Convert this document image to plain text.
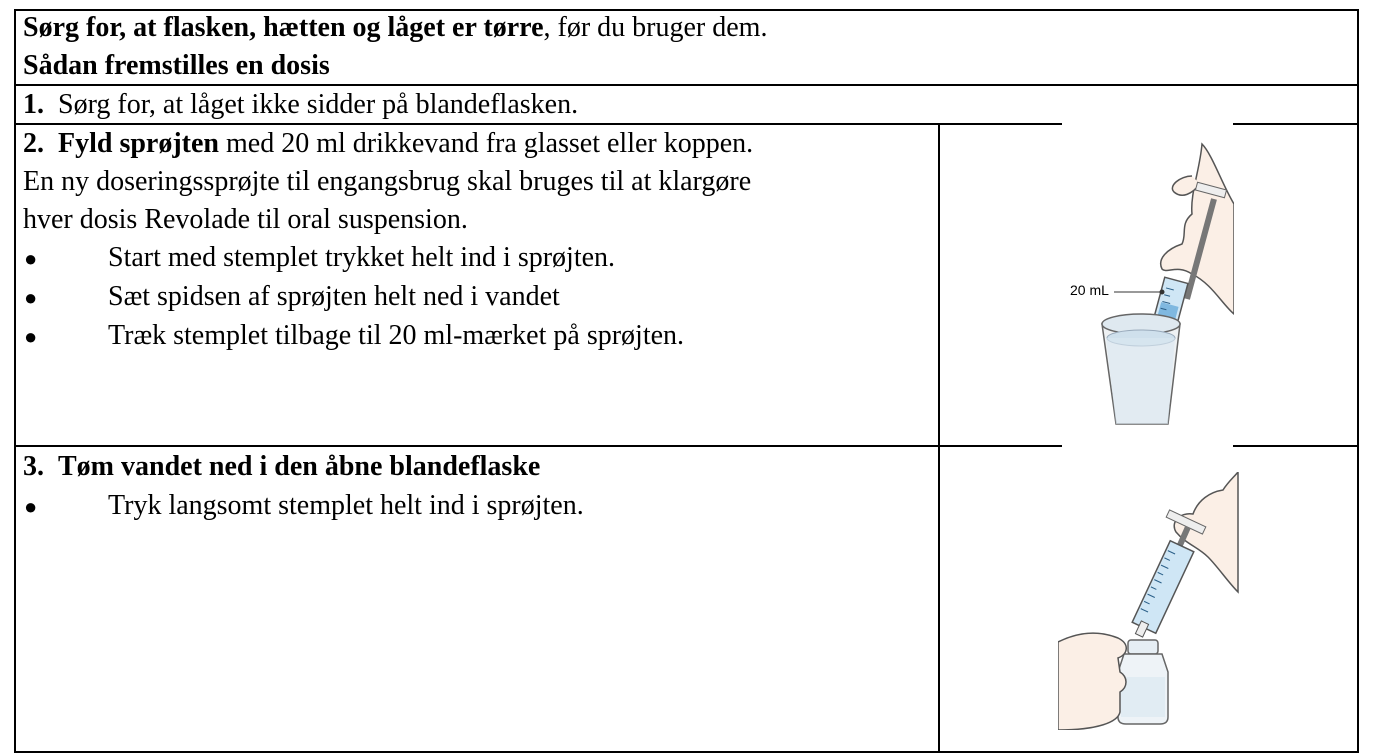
Sørg for, at flasken, hætten og låget er tørre, før du bruger dem.
Sådan fremstilles en dosis
1. Sørg for, at låget ikke sidder på blandeflasken.
2. Fyld sprøjten med 20 ml drikkevand fra glasset eller koppen.
En ny doseringssprøjte til engangsbrug skal bruges til at klargøre
hver dosis Revolade til oral suspension.
●	Start med stemplet trykket helt ind i sprøjten.
●	Sæt spidsen af sprøjten helt ned i vandet
●	Træk stemplet tilbage til 20 ml-mærket på sprøjten.
20 mL
3. Tøm vandet ned i den åbne blandeflaske
●	Tryk langsomt stemplet helt ind i sprøjten.
